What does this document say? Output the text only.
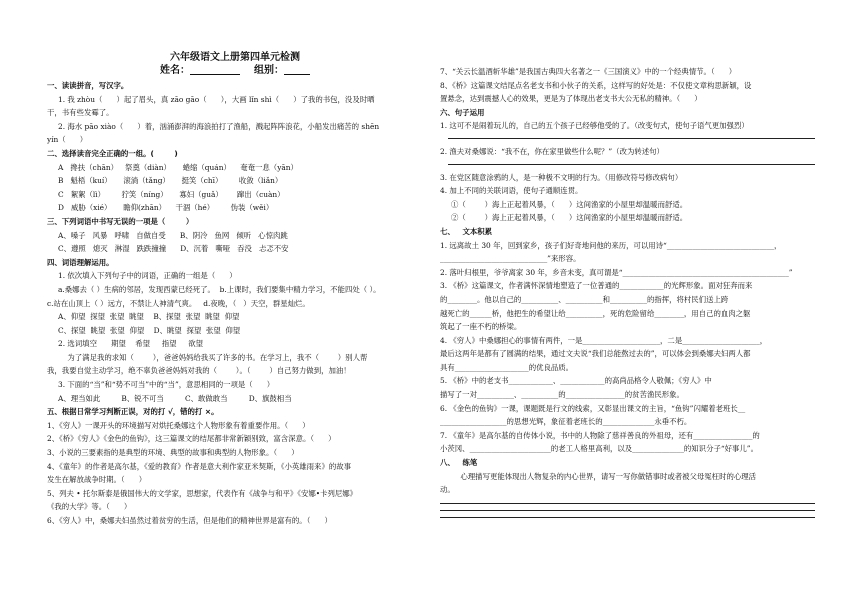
六年级语文上册第四单元检测
姓名：	组别：

一、读读拼音，写汉字。

1. 我 zhòu（      ）起了眉头，真 zāo gāo（      ），大画 lǐn shì（      ）了我的书包，没及时晒

干，书有些发霉了。

2. 海水 pāo xiào（      ）着，汹涌澎湃的海浪拍打了渔船，溅起阵阵浪花，小船发出痛苦的 shēn

yín（      ）

二、选择读音完全正确的一组。(        )

A   搀扶（chān）   祭奠（diàn）     蜷缩（quán）    奄奄一息（yān）

B   魁梧（kuí）     滚淌（tǎng）     挺笑（chī）       收敛（liǎn）

C   絮絮（lì）       狞笑（níng）     寡妇（guǎ）      蹿出（cuàn）

D   威胁（xié）     瞻仰(zhān）    干涸（hé）       伪装（wěi）

三、下列词语中书写无误的一项是（        ）

A、嗓子   风暴   呼啸   自做自受      B、阴冷   鱼网   倾听   心惊肉跳

C、遵照   熄灭   淋湿   跌跌撞撞      D、沉着   嘶哑   吞没   忐忑不安

四、词语理解运用。

1. 依次填入下列句子中的词语，正确的一组是（      ）

a.桑娜去（ ）生病的邻居，发现西蒙已经死了。  b.上课时，我们要集中精力学习，不能四处（ ）。

c.站在山顶上（ ）远方，不禁让人神清气爽。   d.夜晚，（   ）天空，群星灿烂。

A、仰望  探望  张望  眺望    B、探望  张望  眺望  仰望

C、探望  眺望  张望  仰望    D、眺望  探望  张望  仰望

2. 选词填空      期望    希望     指望     欲望

为了满足我的求知（        ），爸爸妈妈给我买了许多的书。在学习上，我不（        ）别人帮

我，我要自觉主动学习，绝不辜负爸爸妈妈对我的（        ）。（        ）自己努力做到，加油！

3. 下面的“当”和“势不可当”中的“当”，意思相同的一项是（      ）

A、理当如此         B、锐不可当         C、敢做敢当         D、旗鼓相当

五、根据日常学习判断正误，对的打 √，错的打 ×。

1、《穷人》一课开头的环境描写对烘托桑娜这个人物形象有着重要作用。（      ）

2、《桥》《穷人》《金色的鱼钩》，这三篇课文的结尾都非常新颖别致，富含深意。（      ）

3、小说的三要素指的是典型的环境、典型的故事和典型的人物形象。（      ）

4、《童年》的作者是高尔基，《爱的教育》作者是意大利作家亚米契斯，《小英雄雨来》的故事

发生在解放战争时期。（      ）

5、列夫 • 托尔斯泰是俄国伟大的文学家，思想家，代表作有《战争与和平》《安娜•卡列尼娜》

《我的大学》等。（      ）

6、《穷人》中，桑娜夫妇虽然过着贫穷的生活，但是他们的精神世界是富有的。（      ）

7、“关云长温酒斩华雄”是我国古典四大名著之一《三国演义》中的一个经典情节。（      ）

8、《桥》这篇课文结尾点名老支书和小伙子的关系，这样写的好处是：不仅使文章构思新颖，设

置悬念，达到震撼人心的效果，更是为了体现出老支书大公无私的精神。（      ）

六、句子运用

1. 这可不是闹着玩儿的，自己的五个孩子已经够他受的了。（改变句式，使句子语气更加强烈）

2. 渔夫对桑娜说：“我不在，你在家里做些什么呢？”（改为转述句）

3. 在党区随意涂鸦的人，是一种极不文明的行为。（用修改符号修改病句）

4. 加上不同的关联词语，使句子通顺连贯。

①（        ）海上正起着风暴，（      ）这间渔家的小屋里却温暖而舒适。

②（        ）海上正起着风暴，（      ）这间渔家的小屋里却温暖而舒适。

七、   文本积累

1. 远离故土 30 年，回到家乡，孩子们好奇地问他的来历，可以用诗“_____________________________，

_____________________________”来形容。

2. 落叶归根里，爷爷离家 30 年，乡音未变，真可谓是“_____________________________________________”

3. 《桥》这篇课文，作者满怀深情地塑造了一位普通的____________的光辉形象。面对狂奔而来

的________。他以自己的__________、__________和__________的指挥，将村民们送上跨

越死亡的______桥，他把生的希望让给__________，死的危险留给________，用自己的血肉之躯

筑起了一座不朽的桥梁。

4. 《穷人》中桑娜担心的事情有两件，一是_____________________，二是_____________________，

最后这两年是都有了圆满的结果，通过文夫说“我们总能熬过去的”，可以体会到桑娜夫妇两人都

具有____________________的优良品质。

5. 《桥》中的老支书____________、____________的高尚品格令人敬佩；《穷人》中

描写了一对__________、__________的________________的贫苦渔民形象。

6. 《金色的鱼钩》一课，课题既是行文的线索，又彰显出课文的主旨，“鱼钩”闪耀着老班长__

__________________的思想光辉，象征着老班长的______________永垂不朽。

7. 《童年》是高尔基的自传体小说，书中的人物除了慈祥善良的外祖母，还有________________的

小茨冈、______________________的老工人格里高利，以及______________的知识分子“好事儿”。

八、   练笔

心理描写更能体现出人物复杂的内心世界，请写一写你做错事时或者被父母冤枉时的心理活

动。
